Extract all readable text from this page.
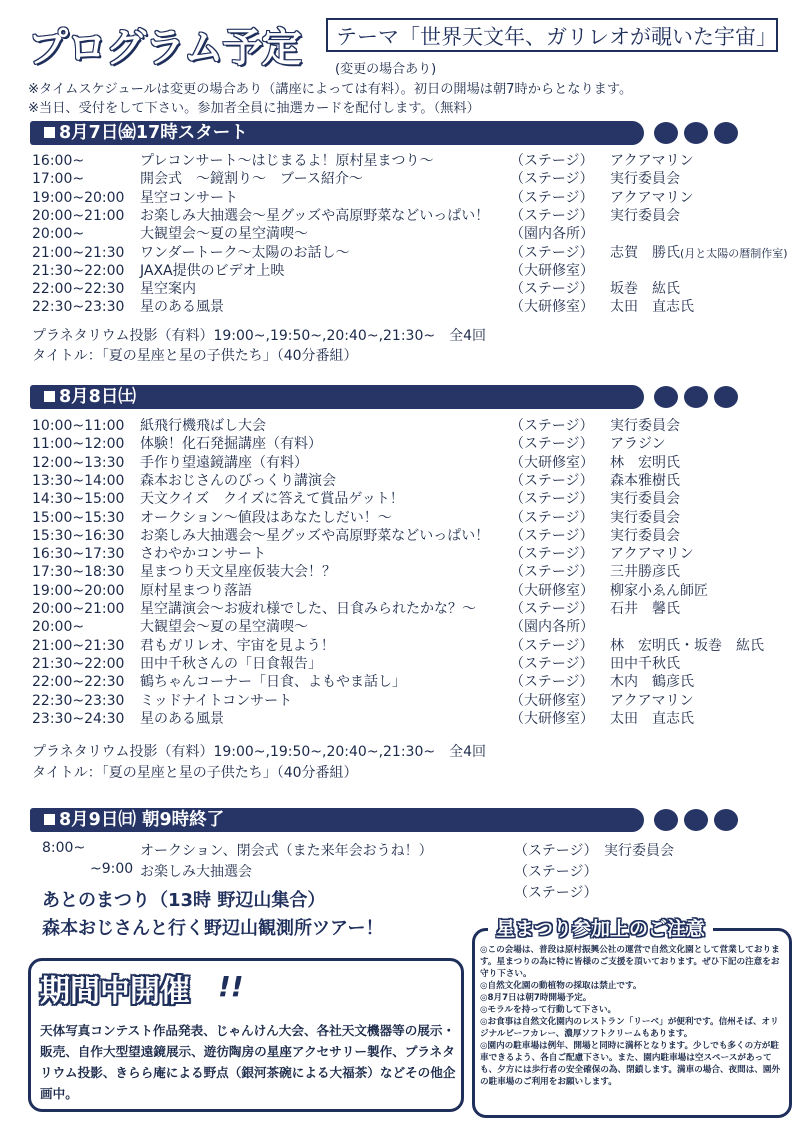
プログラム予定	テーマ「世界天文年、ガリレオが覗いた宇宙」
(変更の場合あり)
※タイムスケジュールは変更の場合あり（講座によっては有料）。初日の開場は朝7時からとなります。
※当日、受付をして下さい。参加者全員に抽選カードを配付します。（無料）
8月7日㈮17時スタート
16:00~	プレコンサート～はじまるよ！原村星まつり～	（ステージ） アクアマリン
17:00~	開会式　～鏡割り～　ブース紹介～	（ステージ） 実行委員会
19:00~20:00 星空コンサート	（ステージ） アクアマリン
20:00~21:00 お楽しみ大抽選会～星グッズや高原野菜などいっぱい！ （ステージ） 実行委員会
20:00~	大観望会～夏の星空満喫～	（園内各所）
21:00~21:30 ワンダートーク～太陽のお話し～	（ステージ） 志賀　勝氏(月と太陽の暦制作室)
21:30~22:00 JAXA提供のビデオ上映	（大研修室）
22:00~22:30 星空案内	（ステージ） 坂巻　紘氏
22:30~23:30 星のある風景	（大研修室） 太田　直志氏
プラネタリウム投影（有料）19:00~,19:50~,20:40~,21:30~　全4回
タイトル：「夏の星座と星の子供たち」（40分番組）
8月8日㈯
10:00~11:00 紙飛行機飛ばし大会	（ステージ） 実行委員会
11:00~12:00 体験！化石発掘講座（有料）	（ステージ） アラジン
12:00~13:30 手作り望遠鏡講座（有料）	（大研修室） 林　宏明氏
13:30~14:00 森本おじさんのびっくり講演会	（ステージ） 森本雅樹氏
14:30~15:00 天文クイズ　クイズに答えて賞品ゲット！	（ステージ） 実行委員会
15:00~15:30 オークション～値段はあなたしだい！～	（ステージ） 実行委員会
15:30~16:30 お楽しみ大抽選会～星グッズや高原野菜などいっぱい！ （ステージ） 実行委員会
16:30~17:30 さわやかコンサート	（ステージ） アクアマリン
17:30~18:30 星まつり天文星座仮装大会！？	（ステージ） 三井勝彦氏
19:00~20:00 原村星まつり落語	（大研修室） 柳家小ゑん師匠
20:00~21:00 星空講演会～お疲れ様でした、日食みられたかな？～ （ステージ） 石井　馨氏
20:00~	大観望会～夏の星空満喫～	（園内各所）
21:00~21:30 君もガリレオ、宇宙を見よう！	（ステージ） 林　宏明氏・坂巻　紘氏
21:30~22:00 田中千秋さんの「日食報告」	（ステージ） 田中千秋氏
22:00~22:30 鶴ちゃんコーナー「日食、よもやま話し」	（ステージ） 木内　鶴彦氏
22:30~23:30 ミッドナイトコンサート	（大研修室） アクアマリン
23:30~24:30 星のある風景	（大研修室） 太田　直志氏
プラネタリウム投影（有料）19:00~,19:50~,20:40~,21:30~　全4回
タイトル：「夏の星座と星の子供たち」（40分番組）
8月9日㈰ 朝9時終了
8:00~	オークション、閉会式（また来年会おうね！）	（ステージ） 実行委員会
~9:00 お楽しみ大抽選会	（ステージ）
（ステージ）
あとのまつり（13時 野辺山集合）
森本おじさんと行く野辺山観測所ツアー！
期間中開催 !!
天体写真コンテスト作品発表、じゃんけん大会、各社天文機器等の展示・販売、自作大型望遠鏡展示、遊彷陶房の星座アクセサリー製作、プラネタリウム投影、きらら庵による野点（銀河茶碗による大福茶）などその他企画中。
星まつり参加上のご注意
◎この会場は、普段は原村振興公社の運営で自然文化園として営業しております。星まつりの為に特に皆様のご支援を頂いております。ぜひ下記の注意をお守り下さい。
◎自然文化園の動植物の採取は禁止です。
◎8月7日は朝7時開場予定。
◎モラルを持って行動して下さい。
◎お食事は自然文化園内のレストラン「リーベ」が便利です。信州そば、オリジナルビーフカレー、濃厚ソフトクリームもあります。
◎園内の駐車場は例年、開場と同時に満杯となります。少しでも多くの方が駐車できるよう、各自ご配慮下さい。また、園内駐車場は空スペースがあっても、夕方には歩行者の安全確保の為、閉鎖します。満車の場合、夜間は、園外の駐車場のご利用をお願いします。
